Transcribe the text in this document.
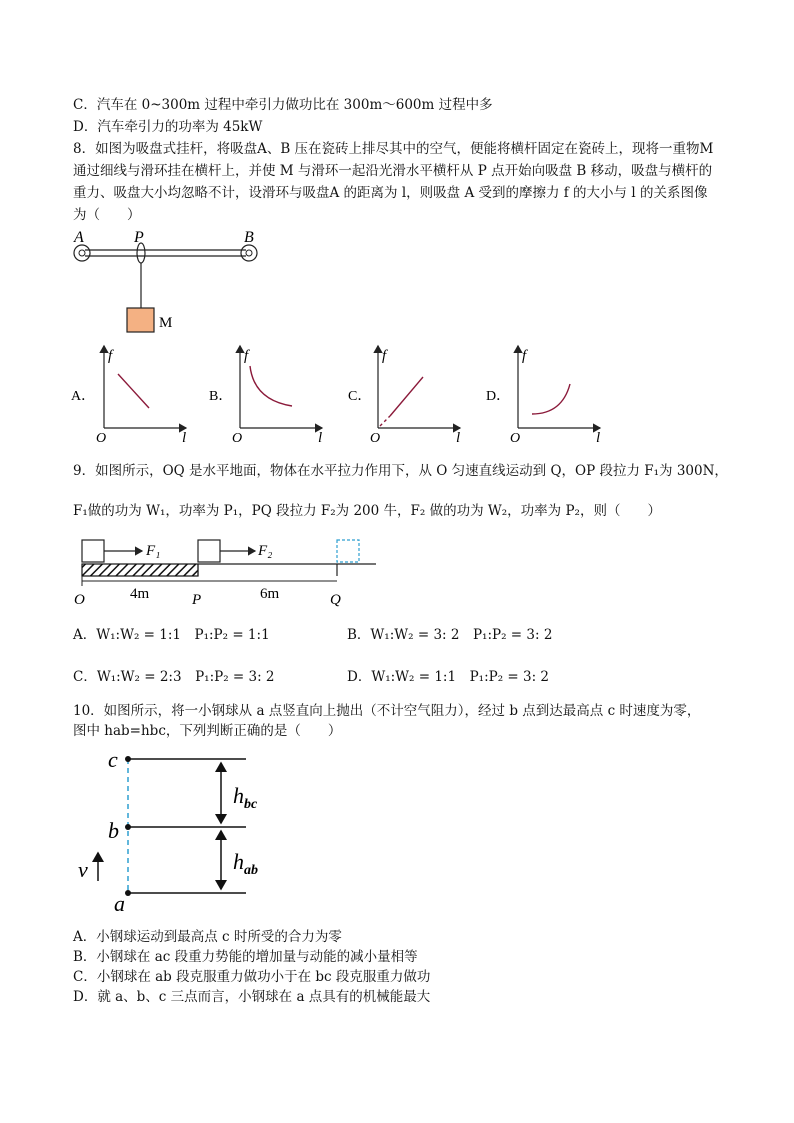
C．汽车在 0~300m 过程中牵引力做功比在 300m～600m 过程中多
D．汽车牵引力的功率为 45kW
8．如图为吸盘式挂杆，将吸盘A、B 压在瓷砖上排尽其中的空气，便能将横杆固定在瓷砖上，现将一重物M
通过细线与滑环挂在横杆上，并使 M 与滑环一起沿光滑水平横杆从 P 点开始向吸盘 B 移动，吸盘与横杆的
重力、吸盘大小均忽略不计，设滑环与吸盘A 的距离为 l，则吸盘 A 受到的摩擦力 f 的大小与 l 的关系图像
为（　　）
A	P	B
M
A．
f
l
O
B．
f
l
O
C．
f
l
O
D．
f
l
O
9．如图所示，OQ 是水平地面，物体在水平拉力作用下，从 O 匀速直线运动到 Q，OP 段拉力 F₁为 300N，
F₁做的功为 W₁，功率为 P₁，PQ 段拉力 F₂为 200 牛，F₂ 做的功为 W₂，功率为 P₂，则（　　）
F₁	F₂
4m	6m
O	P	Q
A．W₁:W₂ = 1:1　P₁:P₂ = 1:1	B．W₁:W₂ = 3: 2　P₁:P₂ = 3: 2
C．W₁:W₂ = 2:3　P₁:P₂ = 3: 2	D．W₁:W₂ = 1:1　P₁:P₂ = 3: 2
10．如图所示，将一小钢球从 a 点竖直向上抛出（不计空气阻力），经过 b 点到达最高点 c 时速度为零，
图中 hab=hbc，下列判断正确的是（　　）
c
b
a
$h_{bc}$
$h_{ab}$
v
A．小钢球运动到最高点 c 时所受的合力为零
B．小钢球在 ac 段重力势能的增加量与动能的减小量相等
C．小钢球在 ab 段克服重力做功小于在 bc 段克服重力做功
D．就 a、b、c 三点而言，小钢球在 a 点具有的机械能最大
